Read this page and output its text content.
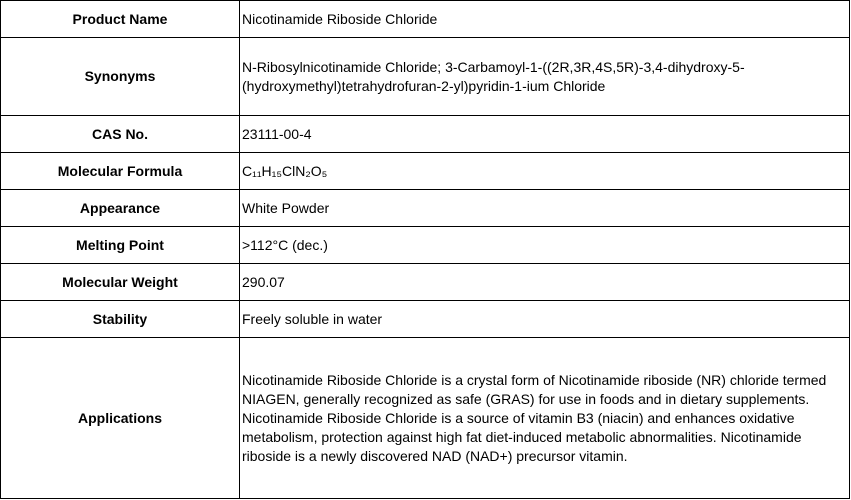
Product Name	Nicotinamide Riboside Chloride
Synonyms	N-Ribosylnicotinamide Chloride; 3-Carbamoyl-1-((2R,3R,4S,5R)-3,4-dihydroxy-5-(hydroxymethyl)tetrahydrofuran-2-yl)pyridin-1-ium Chloride
CAS No.	23111-00-4
Molecular Formula	C₁₁H₁₅ClN₂O₅
Appearance	White Powder
Melting Point	>112°C (dec.)
Molecular Weight	290.07
Stability	Freely soluble in water
Applications	Nicotinamide Riboside Chloride is a crystal form of Nicotinamide riboside (NR) chloride termed NIAGEN, generally recognized as safe (GRAS) for use in foods and in dietary supplements. Nicotinamide Riboside Chloride is a source of vitamin B3 (niacin) and enhances oxidative metabolism, protection against high fat diet-induced metabolic abnormalities. Nicotinamide riboside is a newly discovered NAD (NAD+) precursor vitamin.
